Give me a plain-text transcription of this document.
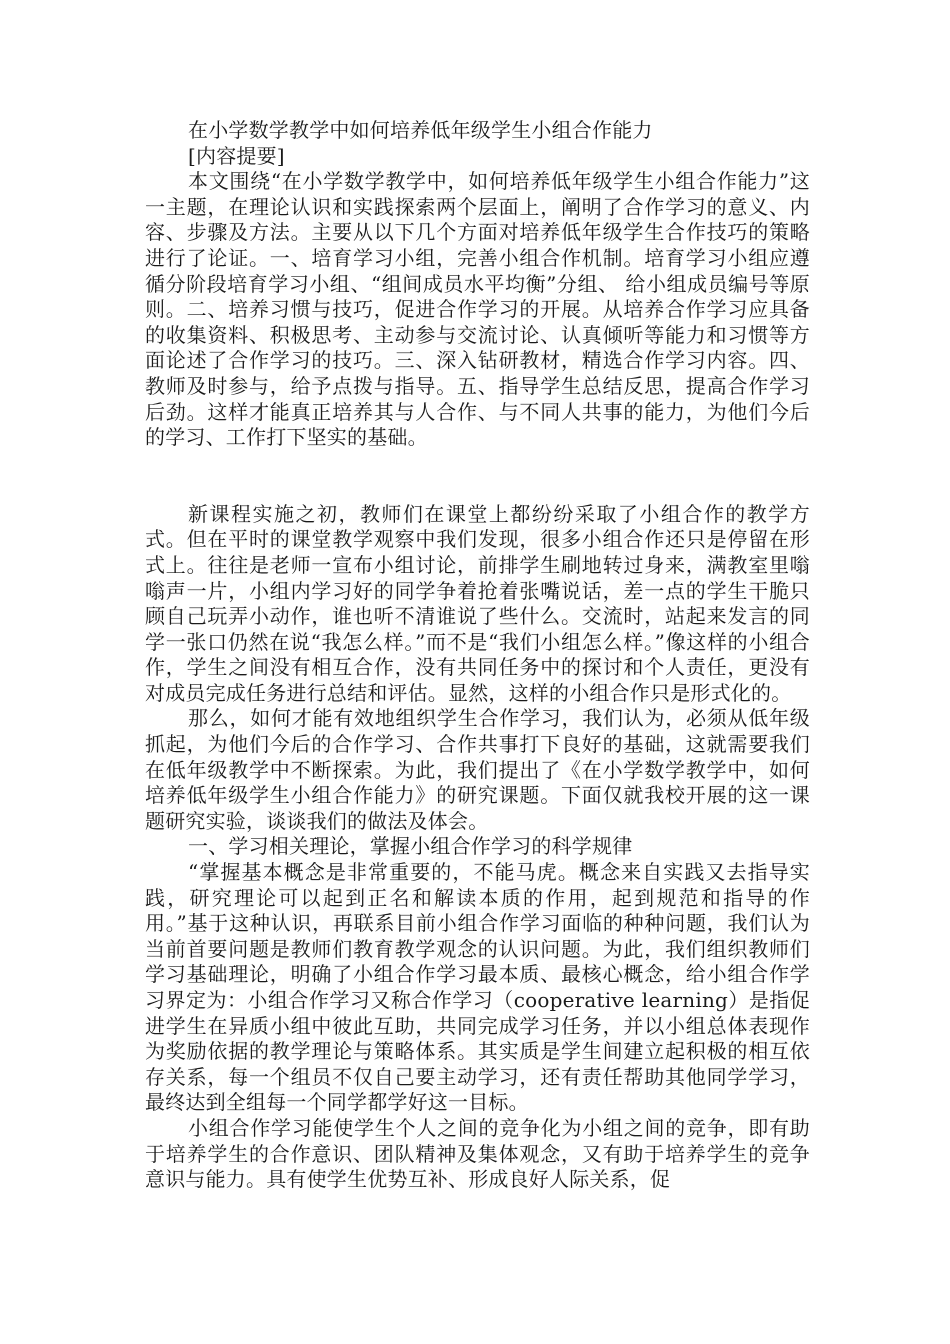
在小学数学教学中如何培养低年级学生小组合作能力

[内容提要]

本文围绕“在小学数学教学中，如何培养低年级学生小组合作能力”这一主题，在理论认识和实践探索两个层面上，阐明了合作学习的意义、内容、步骤及方法。主要从以下几个方面对培养低年级学生合作技巧的策略进行了论证。一、培育学习小组，完善小组合作机制。培育学习小组应遵循分阶段培育学习小组、“组间成员水平均衡”分组、 给小组成员编号等原则。二、培养习惯与技巧，促进合作学习的开展。从培养合作学习应具备的收集资料、积极思考、主动参与交流讨论、认真倾听等能力和习惯等方面论述了合作学习的技巧。三、深入钻研教材，精选合作学习内容。四、教师及时参与，给予点拨与指导。五、指导学生总结反思，提高合作学习后劲。这样才能真正培养其与人合作、与不同人共事的能力，为他们今后的学习、工作打下坚实的基础。

新课程实施之初，教师们在课堂上都纷纷采取了小组合作的教学方式。但在平时的课堂教学观察中我们发现，很多小组合作还只是停留在形式上。往往是老师一宣布小组讨论，前排学生刷地转过身来，满教室里嗡嗡声一片，小组内学习好的同学争着抢着张嘴说话，差一点的学生干脆只顾自己玩弄小动作，谁也听不清谁说了些什么。交流时，站起来发言的同学一张口仍然在说“我怎么样。”而不是“我们小组怎么样。”像这样的小组合作，学生之间没有相互合作，没有共同任务中的探讨和个人责任，更没有对成员完成任务进行总结和评估。显然，这样的小组合作只是形式化的。

那么，如何才能有效地组织学生合作学习，我们认为，必须从低年级抓起，为他们今后的合作学习、合作共事打下良好的基础，这就需要我们在低年级教学中不断探索。为此，我们提出了《在小学数学教学中，如何培养低年级学生小组合作能力》的研究课题。下面仅就我校开展的这一课题研究实验，谈谈我们的做法及体会。

一、学习相关理论，掌握小组合作学习的科学规律

“掌握基本概念是非常重要的，不能马虎。概念来自实践又去指导实践，研究理论可以起到正名和解读本质的作用，起到规范和指导的作用。”基于这种认识，再联系目前小组合作学习面临的种种问题，我们认为当前首要问题是教师们教育教学观念的认识问题。为此，我们组织教师们学习基础理论，明确了小组合作学习最本质、最核心概念，给小组合作学习界定为：小组合作学习又称合作学习（cooperative learning）是指促进学生在异质小组中彼此互助，共同完成学习任务，并以小组总体表现作为奖励依据的教学理论与策略体系。其实质是学生间建立起积极的相互依存关系，每一个组员不仅自己要主动学习，还有责任帮助其他同学学习，最终达到全组每一个同学都学好这一目标。

小组合作学习能使学生个人之间的竞争化为小组之间的竞争，即有助于培养学生的合作意识、团队精神及集体观念，又有助于培养学生的竞争意识与能力。具有使学生优势互补、形成良好人际关系，促
